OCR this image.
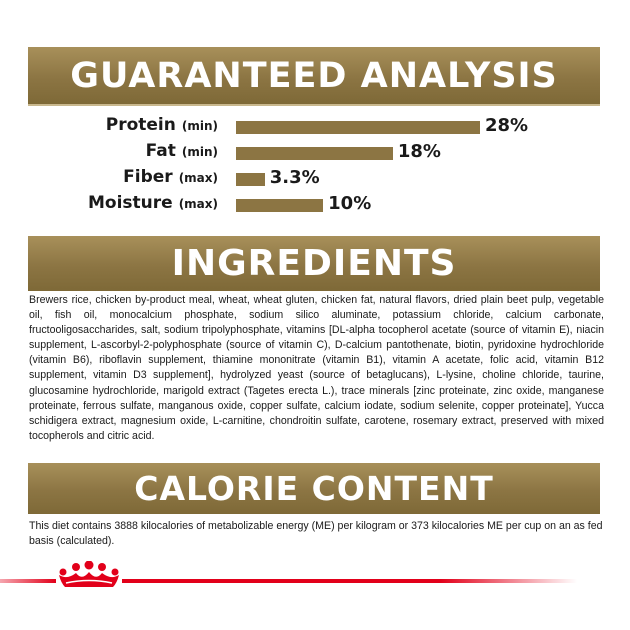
GUARANTEED ANALYSIS
Protein (min)	28%
Fat (min)	18%
Fiber (max)	3.3%
Moisture (max)	10%
INGREDIENTS

Brewers rice, chicken by-product meal, wheat, wheat gluten, chicken fat, natural flavors, dried plain beet pulp, vegetable oil, fish oil, monocalcium phosphate, sodium silico aluminate, potassium chloride, calcium carbonate, fructooligosaccharides, salt, sodium tripolyphosphate, vitamins [DL-alpha tocopherol acetate (source of vitamin E), niacin supplement, L-ascorbyl-2-polyphosphate (source of vitamin C), D-calcium pantothenate, biotin, pyridoxine hydrochloride (vitamin B6), riboflavin supplement, thiamine mononitrate (vitamin B1), vitamin A acetate, folic acid, vitamin B12 supplement, vitamin D3 supplement], hydrolyzed yeast (source of betaglucans), L-lysine, choline chloride, taurine, glucosamine hydrochloride, marigold extract (Tagetes erecta L.), trace minerals [zinc proteinate, zinc oxide, manganese proteinate, ferrous sulfate, manganous oxide, copper sulfate, calcium iodate, sodium selenite, copper proteinate], Yucca schidigera extract, magnesium oxide, L-carnitine, chondroitin sulfate, carotene, rosemary extract, preserved with mixed tocopherols and citric acid.

CALORIE CONTENT

This diet contains 3888 kilocalories of metabolizable energy (ME) per kilogram or 373 kilocalories ME per cup on an as fed basis (calculated).
